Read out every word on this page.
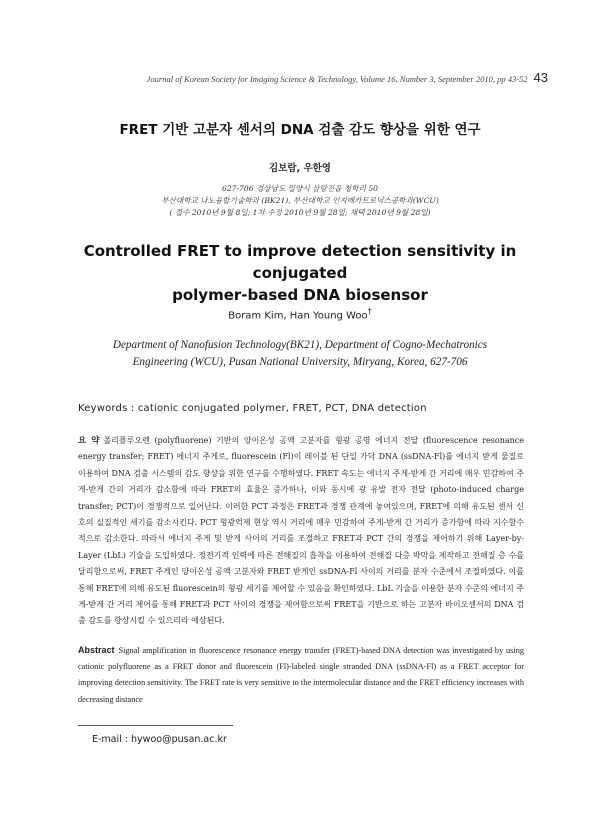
Journal of Korean Society for Imaging Science & Technology, Volume 16, Number 3, September 2010, pp 43-52 43
FRET 기반 고분자 센서의 DNA 검출 감도 향상을 위한 연구
김보람, 우한영
627-706 경상남도 밀양시 삼랑진읍 청학리 50
부산대학교 나노융합기술학과 (BK21), 부산대학교 인지메카트로닉스공학과(WCU)
( 접수 2010년 9월 8일; 1차 수정 2010년 9월 28일; 채택 2010년 9월 28일)
Controlled FRET to improve detection sensitivity in conjugated
polymer-based DNA biosensor
Boram Kim, Han Young Woo†
Department of Nanofusion Technology(BK21), Department of Cogno-Mechatronics
Engineering (WCU), Pusan National University, Miryang, Korea, 627-706
Keywords : cationic conjugated polymer, FRET, PCT, DNA detection
요 약 폴리플루오렌 (polyfluorene) 기반의 양이온성 공액 고분자를 형광 공명 에너지 전달 (fluorescence resonance energy transfer; FRET) 에너지 주게로, fluorescein (Fl)이 레이블 된 단일 가닥 DNA (ssDNA-Fl)를 에너지 받게 물질로 이용하여 DNA 검출 시스템의 감도 향상을 위한 연구를 수행하였다. FRET 속도는 에너지 주게-받게 간 거리에 매우 민감하여 주게-받게 간의 거리가 감소함에 따라 FRET의 효율은 증가하나, 이와 동시에 광 유발 전자 전달 (photo-induced charge transfer; PCT)이 경쟁적으로 일어난다. 이러한 PCT 과정은 FRET과 경쟁 관계에 놓여있으며, FRET에 의해 유도된 센서 신호의 실질적인 세기를 감소시킨다. PCT 형광억제 현상 역시 거리에 매우 민감하여 주게-받게 간 거리가 증가함에 따라 지수함수적으로 감소한다. 따라서 에너지 주게 및 받게 사이의 거리를 조절하고 FRET과 PCT 간의 경쟁을 제어하기 위해 Layer-by-Layer (LbL) 기술을 도입하였다. 정전기적 인력에 따른 전해질의 흡착을 이용하여 전해질 다층 박막을 제작하고 전해질 층 수를 달리함으로써, FRET 주게인 양이온성 공액 고분자와 FRET 받게인 ssDNA-Fl 사이의 거리를 분자 수준에서 조절하였다. 이를 통해 FRET에 의해 유도된 fluorescein의 형광 세기를 제어할 수 있음을 확인하였다. LbL 기술을 이용한 분자 수준의 에너지 주게-받게 간 거리 제어를 통해 FRET과 PCT 사이의 경쟁을 제어함으로써 FRET을 기반으로 하는 고분자 바이오센서의 DNA 검출 감도를 향상시킬 수 있으리라 예상된다.
Abstract Signal amplification in fluorescence resonance energy transfer (FRET)-based DNA detection was investigated by using cationic polyfluorene as a FRET donor and fluorescein (Fl)-labeled single stranded DNA (ssDNA-Fl) as a FRET acceptor for improving detection sensitivity. The FRET rate is very sensitive to the intermolecular distance and the FRET efficiency increases with decreasing distance
E-mail : hywoo@pusan.ac.kr
